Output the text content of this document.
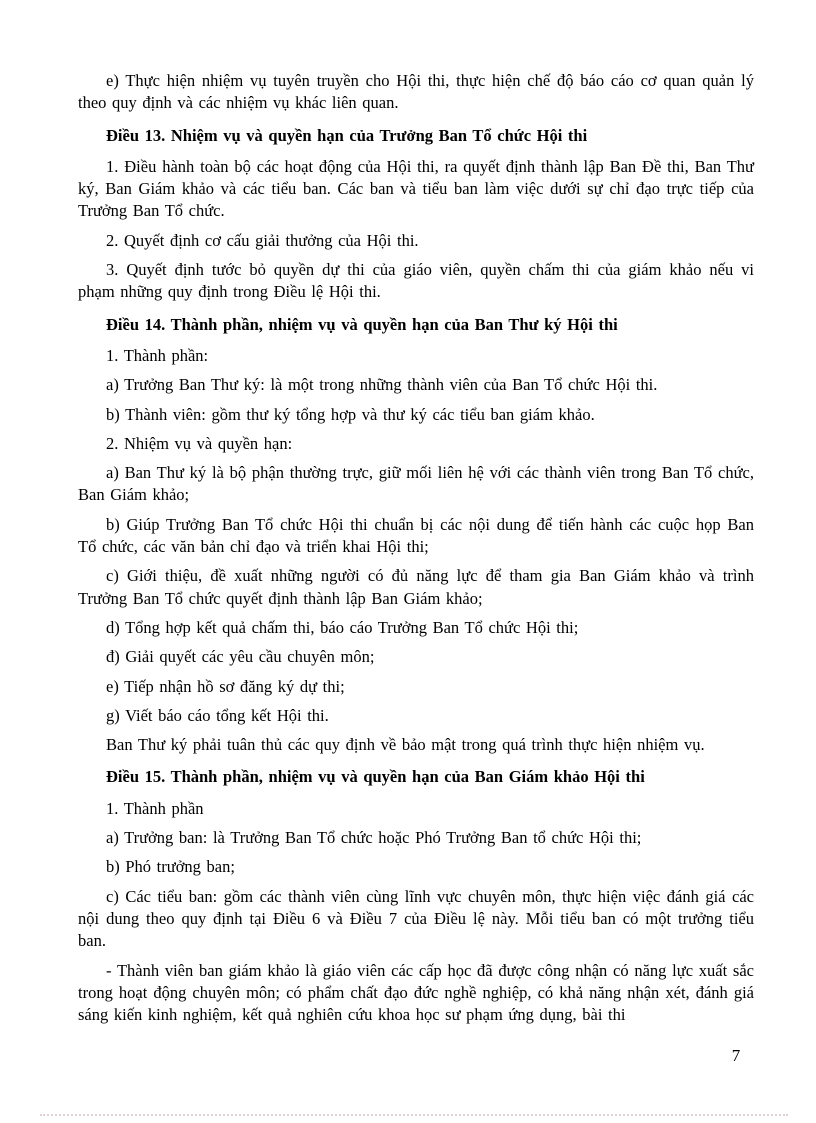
e) Thực hiện nhiệm vụ tuyên truyền cho Hội thi, thực hiện chế độ báo cáo cơ quan quản lý theo quy định và các nhiệm vụ khác liên quan.

Điều 13. Nhiệm vụ và quyền hạn của Trưởng Ban Tổ chức Hội thi

1. Điều hành toàn bộ các hoạt động của Hội thi, ra quyết định thành lập Ban Đề thi, Ban Thư ký, Ban Giám khảo và các tiểu ban. Các ban và tiểu ban làm việc dưới sự chỉ đạo trực tiếp của Trưởng Ban Tổ chức.

2. Quyết định cơ cấu giải thưởng của Hội thi.

3. Quyết định tước bỏ quyền dự thi của giáo viên, quyền chấm thi của giám khảo nếu vi phạm những quy định trong Điều lệ Hội thi.

Điều 14. Thành phần, nhiệm vụ và quyền hạn của Ban Thư ký Hội thi

1. Thành phần:

a) Trưởng Ban Thư ký: là một trong những thành viên của Ban Tổ chức Hội thi.

b) Thành viên: gồm thư ký tổng hợp và thư ký các tiểu ban giám khảo.

2. Nhiệm vụ và quyền hạn:

a) Ban Thư ký là bộ phận thường trực, giữ mối liên hệ với các thành viên trong Ban Tổ chức, Ban Giám khảo;

b) Giúp Trưởng Ban Tổ chức Hội thi chuẩn bị các nội dung để tiến hành các cuộc họp Ban Tổ chức, các văn bản chỉ đạo và triển khai Hội thi;

c) Giới thiệu, đề xuất những người có đủ năng lực để tham gia Ban Giám khảo và trình Trưởng Ban Tổ chức quyết định thành lập Ban Giám khảo;

d) Tổng hợp kết quả chấm thi, báo cáo Trưởng Ban Tổ chức Hội thi;

đ) Giải quyết các yêu cầu chuyên môn;

e) Tiếp nhận hồ sơ đăng ký dự thi;

g) Viết báo cáo tổng kết Hội thi.

Ban Thư ký phải tuân thủ các quy định về bảo mật trong quá trình thực hiện nhiệm vụ.

Điều 15. Thành phần, nhiệm vụ và quyền hạn của Ban Giám khảo Hội thi

1. Thành phần

a) Trưởng ban: là Trưởng Ban Tổ chức hoặc Phó Trưởng Ban tổ chức Hội thi;

b) Phó trưởng ban;

c) Các tiểu ban: gồm các thành viên cùng lĩnh vực chuyên môn, thực hiện việc đánh giá các nội dung theo quy định tại Điều 6 và Điều 7 của Điều lệ này. Mỗi tiểu ban có một trưởng tiểu ban.

- Thành viên ban giám khảo là giáo viên các cấp học đã được công nhận có năng lực xuất sắc trong hoạt động chuyên môn; có phẩm chất đạo đức nghề nghiệp, có khả năng nhận xét, đánh giá sáng kiến kinh nghiệm, kết quả nghiên cứu khoa học sư phạm ứng dụng, bài thi

7
